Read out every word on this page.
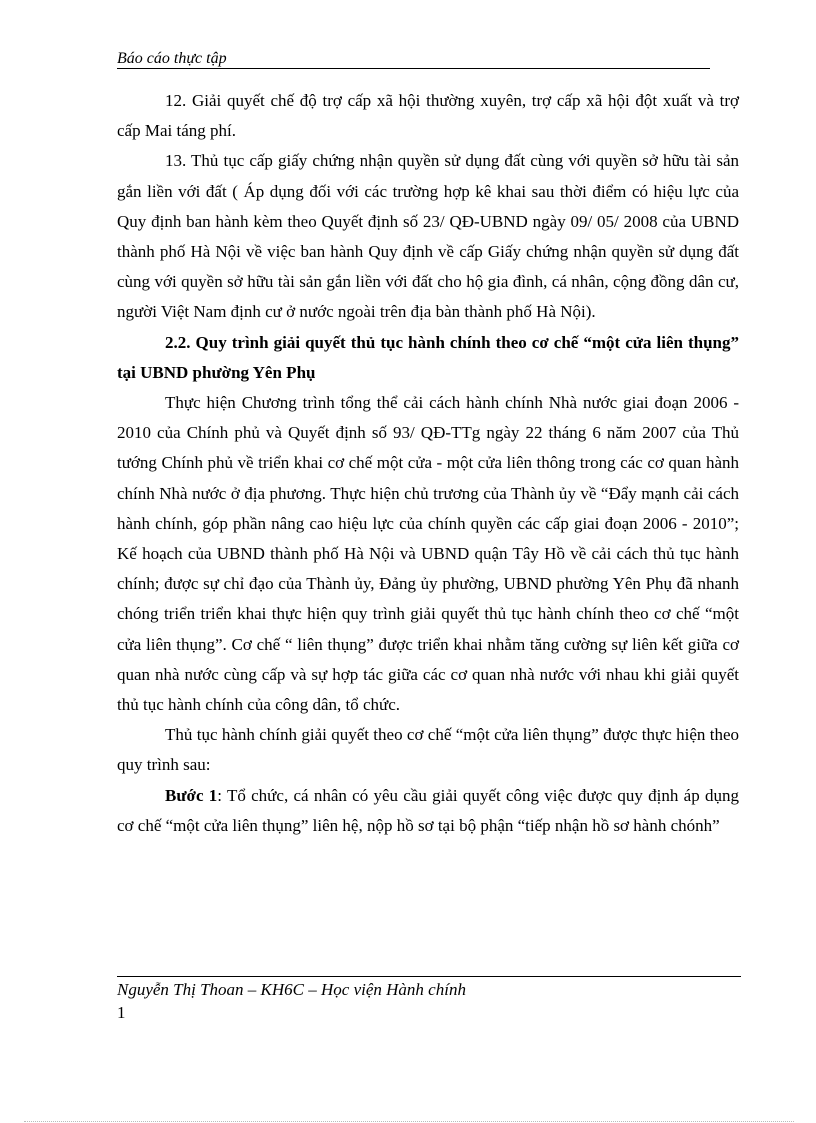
Báo cáo thực tập

12. Giải quyết chế độ trợ cấp xã hội thường xuyên, trợ cấp xã hội đột xuất và trợ cấp Mai táng phí.

13. Thủ tục cấp giấy chứng nhận quyền sử dụng đất cùng với quyền sở hữu tài sản gắn liền với đất ( Áp dụng đối với các trường hợp kê khai sau thời điểm có hiệu lực của Quy định ban hành kèm theo Quyết định số 23/ QĐ-UBND ngày 09/ 05/ 2008 của UBND thành phố Hà Nội về việc ban hành Quy định về cấp Giấy chứng nhận quyền sử dụng đất cùng với quyền sở hữu tài sản gắn liền với đất cho hộ gia đình, cá nhân, cộng đồng dân cư, người Việt Nam định cư ở nước ngoài trên địa bàn thành phố Hà Nội).

2.2. Quy trình giải quyết thủ tục hành chính theo cơ chế “một cửa liên thụng” tại UBND phường Yên Phụ

Thực hiện Chương trình tổng thể cải cách hành chính Nhà nước giai đoạn 2006 - 2010 của Chính phủ và Quyết định số 93/ QĐ-TTg ngày 22 tháng 6 năm 2007 của Thủ tướng Chính phủ về triển khai cơ chế một cửa - một cửa liên thông trong các cơ quan hành chính Nhà nước ở địa phương. Thực hiện chủ trương của Thành ủy về “Đẩy mạnh cải cách hành chính, góp phần nâng cao hiệu lực của chính quyền các cấp giai đoạn 2006 - 2010”; Kế hoạch của UBND thành phố Hà Nội và UBND quận Tây Hồ về cải cách thủ tục hành chính; được sự chỉ đạo của Thành ủy, Đảng ủy phường, UBND phường Yên Phụ đã nhanh chóng triển triển khai thực hiện quy trình giải quyết thủ tục hành chính theo cơ chế “một cửa liên thụng”. Cơ chế “ liên thụng” được triển khai nhằm tăng cường sự liên kết giữa cơ quan nhà nước cùng cấp và sự hợp tác giữa các cơ quan nhà nước với nhau khi giải quyết thủ tục hành chính của công dân, tổ chức.

Thủ tục hành chính giải quyết theo cơ chế “một cửa liên thụng” được thực hiện theo quy trình sau:

Bước 1: Tổ chức, cá nhân có yêu cầu giải quyết công việc được quy định áp dụng cơ chế “một cửa liên thụng” liên hệ, nộp hồ sơ tại bộ phận “tiếp nhận hồ sơ hành chónh”

Nguyễn Thị Thoan – KH6C – Học viện Hành chính
1
